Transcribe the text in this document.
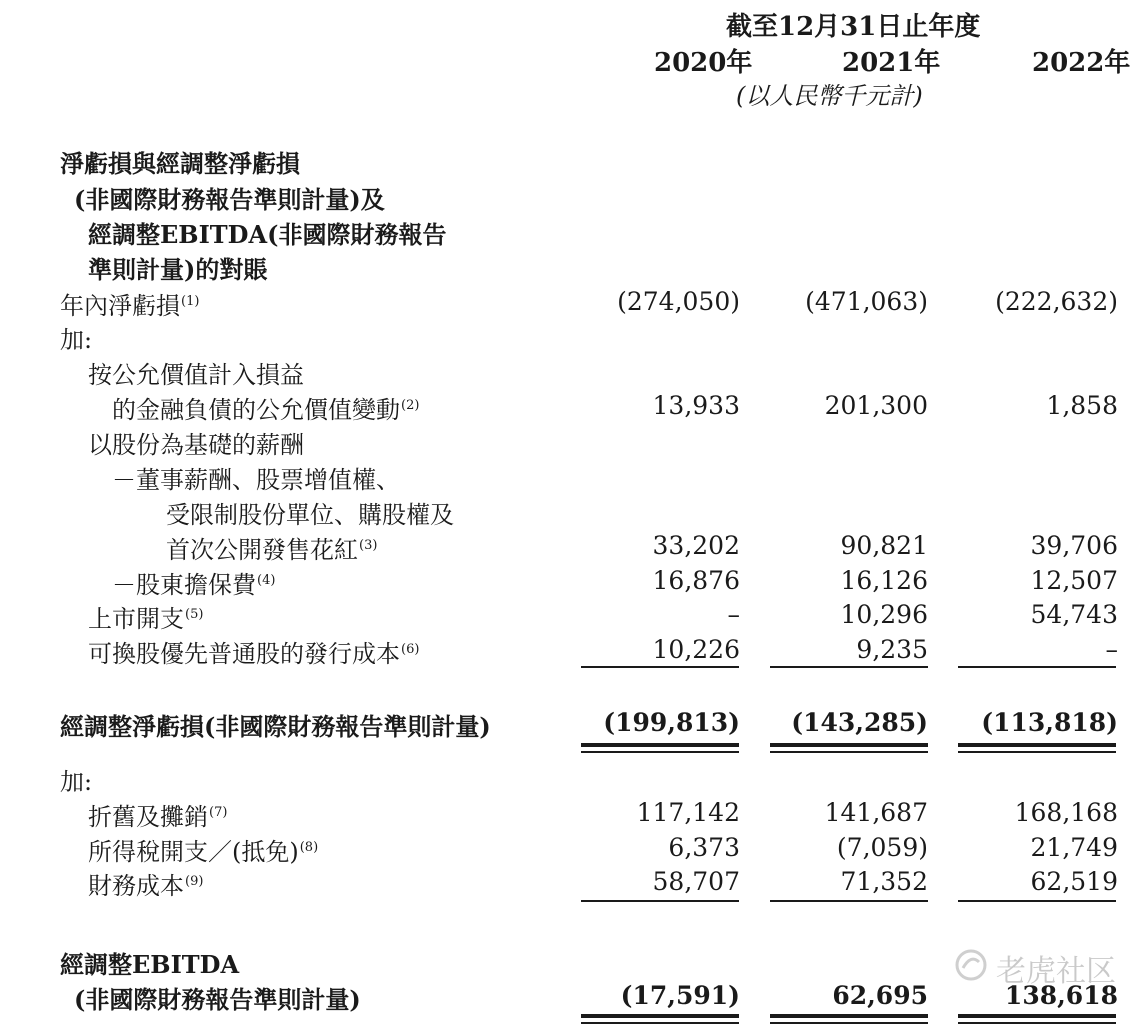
截至12月31日止年度
2020年	2021年	2022年
(以人民幣千元計)
淨虧損與經調整淨虧損
(非國際財務報告準則計量)及
經調整EBITDA(非國際財務報告
準則計量)的對賬
年內淨虧損$^{(1)}$	(274,050)	(471,063)	(222,632)
加:
按公允價值計入損益
的金融負債的公允價值變動$^{(2)}$	13,933	201,300	1,858
以股份為基礎的薪酬
－董事薪酬、股票增值權、
受限制股份單位、購股權及
首次公開發售花紅$^{(3)}$	33,202	90,821	39,706
－股東擔保費$^{(4)}$	16,876	16,126	12,507
上市開支$^{(5)}$	–	10,296	54,743
可換股優先普通股的發行成本$^{(6)}$	10,226	9,235	–
經調整淨虧損(非國際財務報告準則計量)	(199,813)	(143,285)	(113,818)
加:
折舊及攤銷$^{(7)}$	117,142	141,687	168,168
所得稅開支／(抵免)$^{(8)}$	6,373	(7,059)	21,749
財務成本$^{(9)}$	58,707	71,352	62,519
經調整EBITDA
(非國際財務報告準則計量)	(17,591)	62,695	138,618
老虎社区
